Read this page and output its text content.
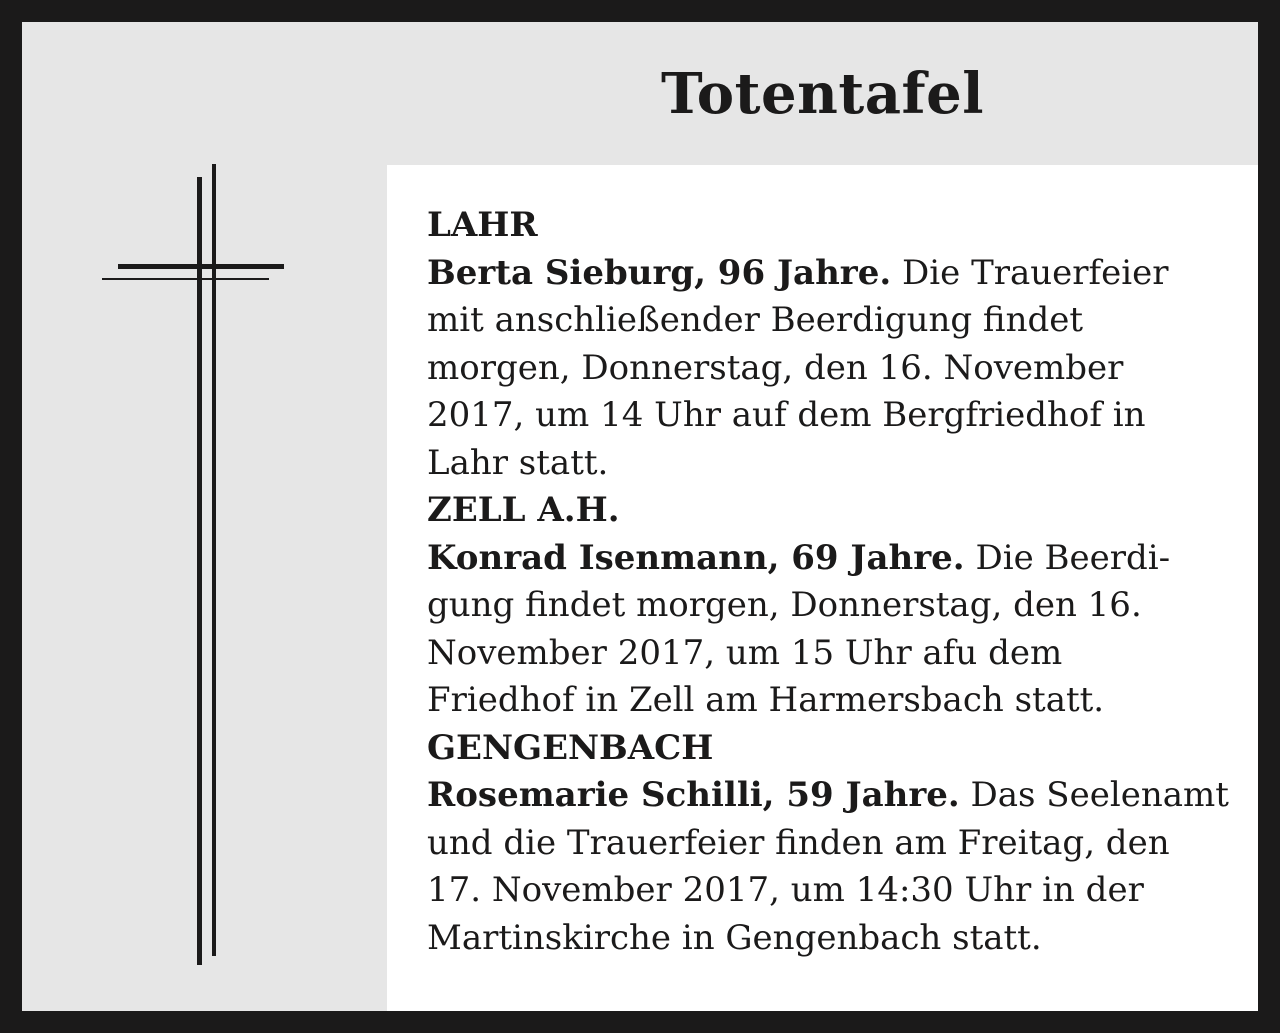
Totentafel
LAHR

Berta Sieburg, 96 Jahre. Die Trauerfeier
mit anschließender Beerdigung findet
morgen, Donnerstag, den 16. November
2017, um 14 Uhr auf dem Bergfriedhof in
Lahr statt.

ZELL A.H.

Konrad Isenmann, 69 Jahre. Die Beerdi-
gung findet morgen, Donnerstag, den 16.
November 2017, um 15 Uhr afu dem
Friedhof in Zell am Harmersbach statt.

GENGENBACH

Rosemarie Schilli, 59 Jahre. Das Seelenamt
und die Trauerfeier finden am Freitag, den
17. November 2017, um 14:30 Uhr in der
Martinskirche in Gengenbach statt.
